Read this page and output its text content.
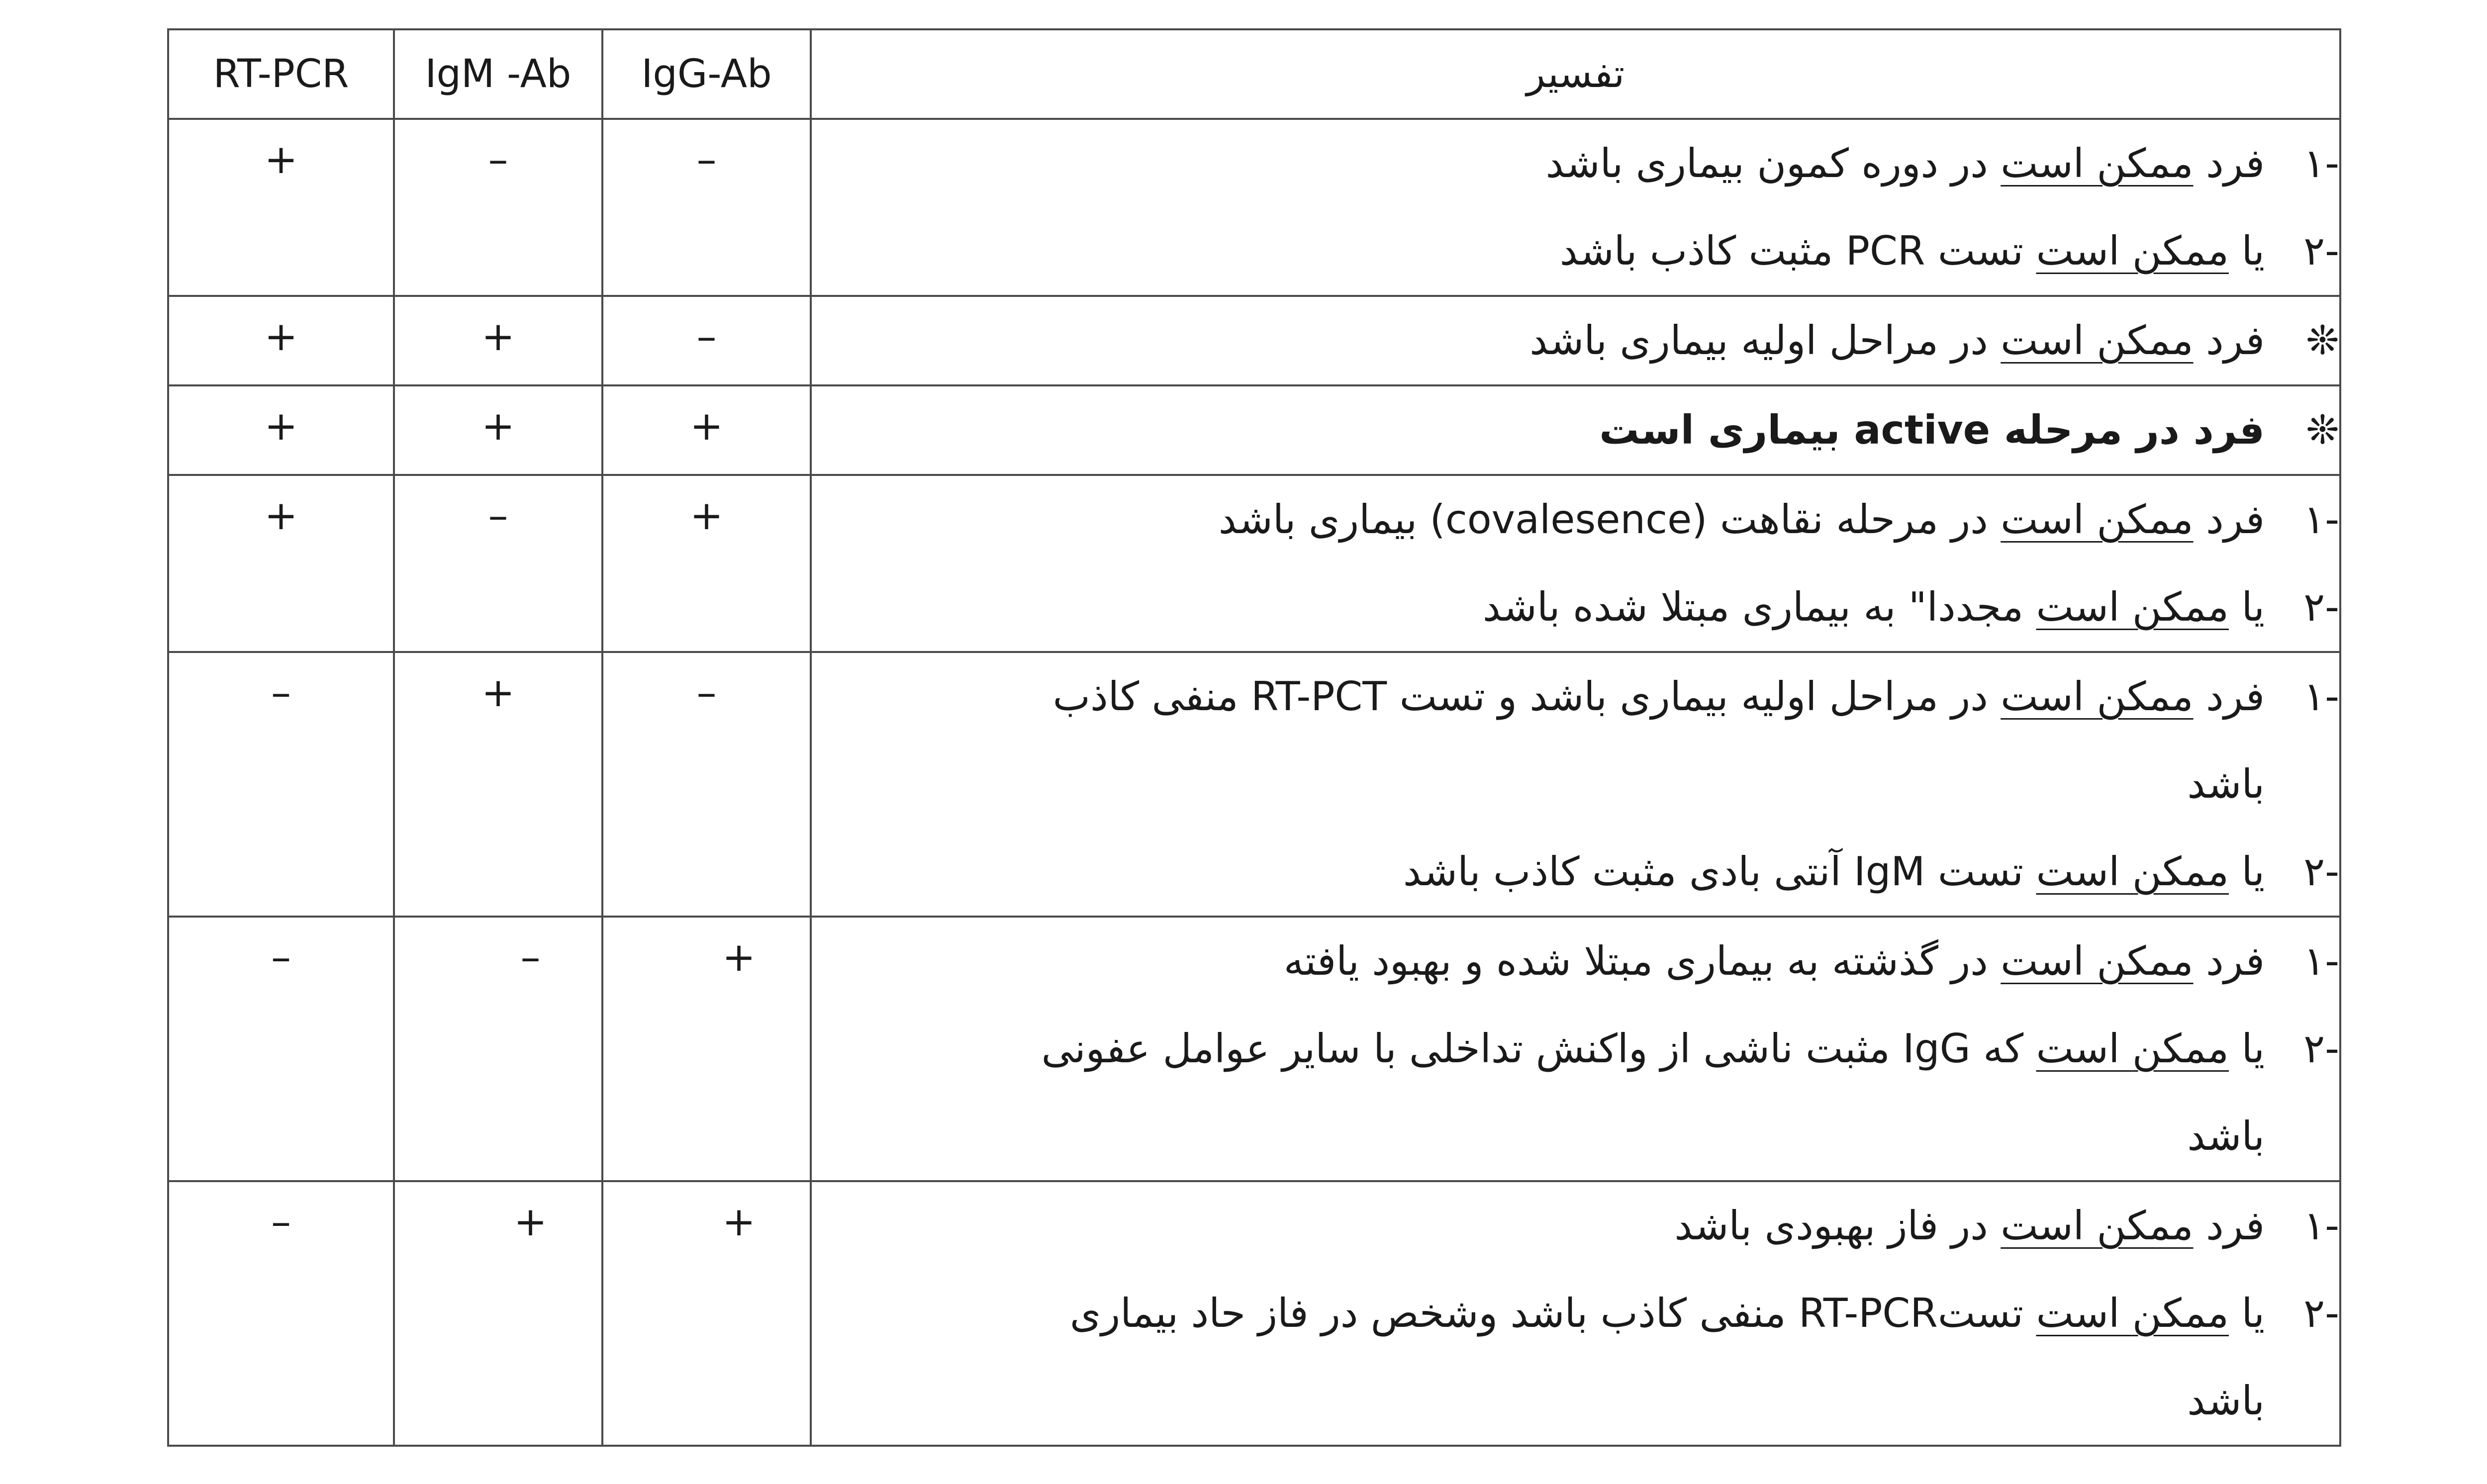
RT-PCR	IgM -Ab	IgG-Ab	تفسیر

+	–	–	-۱
فرد ممکن است در دوره کمون بیماری باشد
-۲
یا ممکن است تست PCR مثبت کاذب باشد

+	+	–	❊
فرد ممکن است در مراحل اولیه بیماری باشد

+	+	+	❊
فرد در مرحله active بیماری است

+	–	+	-۱
فرد ممکن است در مرحله نقاهت (covalesence) بیماری باشد
-۲
یا ممکن است مجددا" به بیماری مبتلا شده باشد

–	+	–	-۱
فرد ممکن است در مراحل اولیه بیماری باشد و تست RT-PCT منفی کاذب
باشد
-۲
یا ممکن است تست IgM آنتی بادی مثبت کاذب باشد

–	–	+	-۱
فرد ممکن است در گذشته به بیماری مبتلا شده و بهبود یافته
-۲
یا ممکن است که IgG مثبت ناشی از واکنش تداخلی با سایر عوامل عفونی
باشد

–	+	+	-۱
فرد ممکن است در فاز بهبودی باشد
-۲
یا ممکن است تستRT-PCR منفی کاذب باشد وشخص در فاز حاد بیماری
باشد
